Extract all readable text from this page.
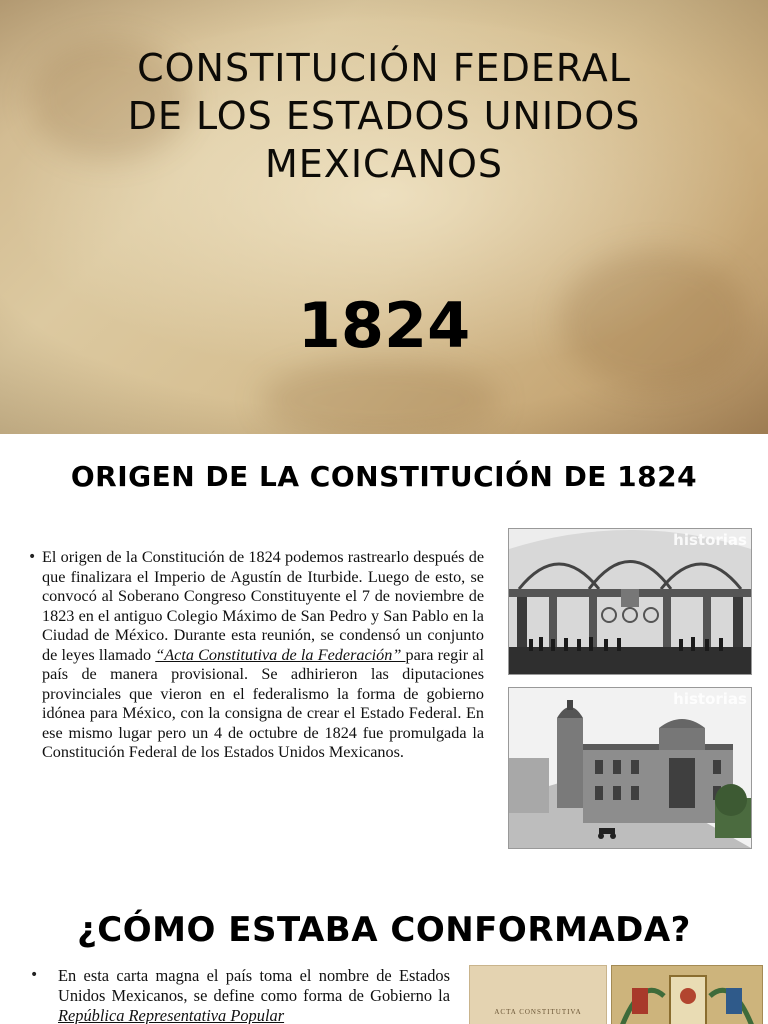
CONSTITUCIÓN FEDERAL DE LOS ESTADOS UNIDOS MEXICANOS
1824
ORIGEN DE LA CONSTITUCIÓN DE 1824
• El origen de la Constitución de 1824 podemos rastrearlo después de que finalizara el Imperio de Agustín de Iturbide. Luego de esto, se convocó al Soberano Congreso Constituyente el 7 de noviembre de 1823 en el antiguo Colegio Máximo de San Pedro y San Pablo en la Ciudad de México. Durante esta reunión, se condensó un conjunto de leyes llamado “Acta Constitutiva de la Federación” para regir al país de manera provisional. Se adhirieron las diputaciones provinciales que vieron en el federalismo la forma de gobierno idónea para México, con la consigna de crear el Estado Federal. En ese mismo lugar pero un 4 de octubre de 1824 fue promulgada la Constitución Federal de los Estados Unidos Mexicanos.

historias
historias
¿CÓMO ESTABA CONFORMADA?
• En esta carta magna el país toma el nombre de Estados Unidos Mexicanos, se define como forma de Gobierno la República Representativa Popular	ACTA CONSTITUTIVA
